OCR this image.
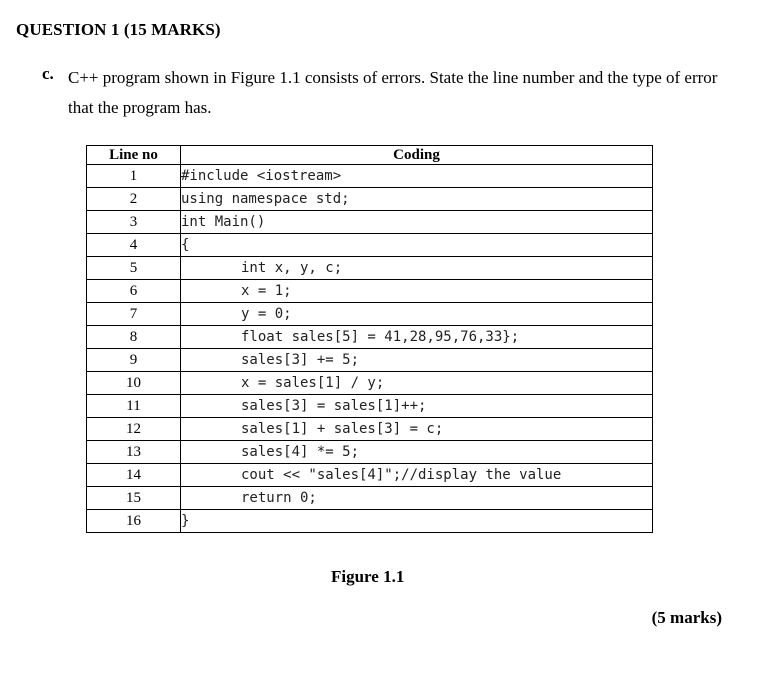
QUESTION 1 (15 MARKS)
c. C++ program shown in Figure 1.1 consists of errors. State the line number and the type of error that the program has.
Line no	Coding
1	#include <iostream>
2	using namespace std;
3	int Main()
4	{
5	int x, y, c;
6	x = 1;
7	y = 0;
8	float sales[5] = 41,28,95,76,33};
9	sales[3] += 5;
10	x = sales[1] / y;
11	sales[3] = sales[1]++;
12	sales[1] + sales[3] = c;
13	sales[4] *= 5;
14	cout << "sales[4]";//display the value
15	return 0;
16	}
Figure 1.1
(5 marks)
